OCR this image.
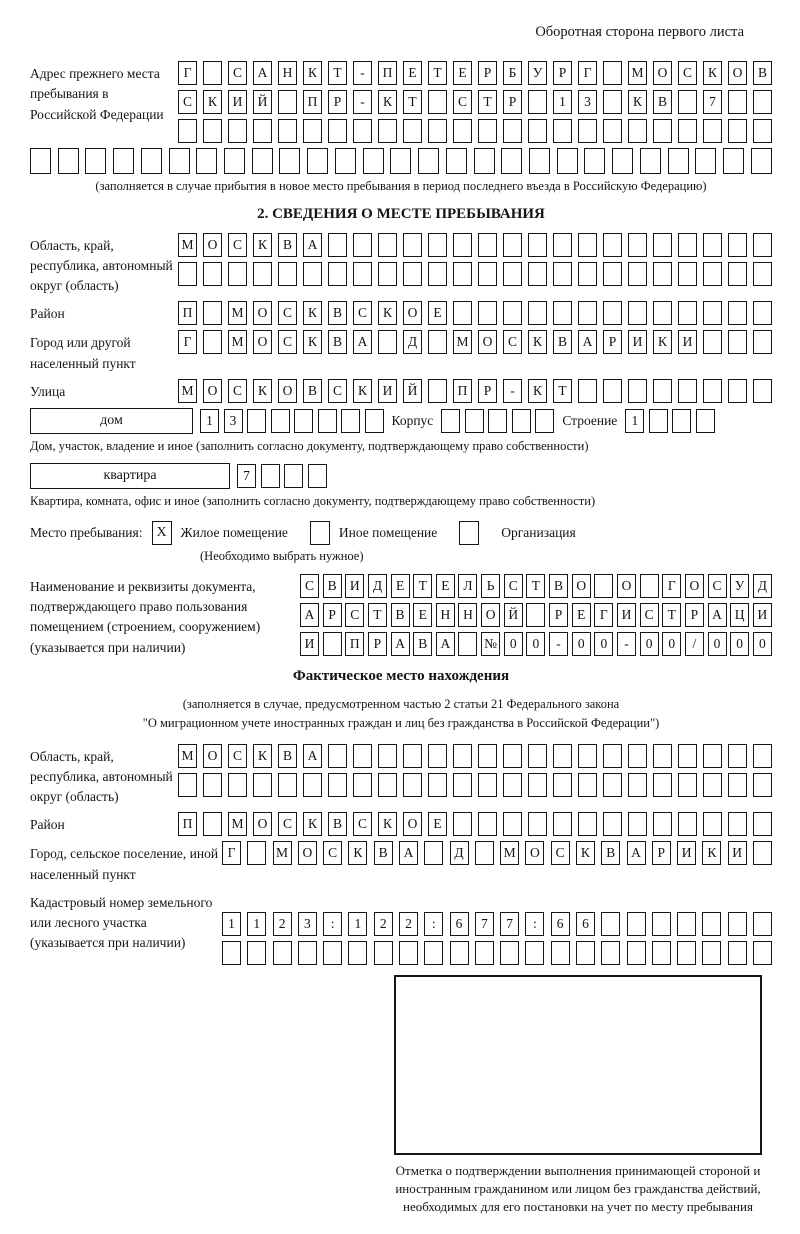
Оборотная сторона первого листа
Адрес прежнего места пребывания в Российской Федерации
Г	С	А	Н	К	Т	-	П	Е	Т	Е	Р	Б	У	Р	Г	М	О	С	К	О	В
С	К	И	Й	П	Р	-	К	Т	С	Т	Р	1	3	К	В	7
(заполняется в случае прибытия в новое место пребывания в период последнего въезда в Российскую Федерацию)
2. СВЕДЕНИЯ О МЕСТЕ ПРЕБЫВАНИЯ
Область, край, республика, автономный округ (область)
М	О	С	К	В	А
Район	П	М	О	С	К	В	С	К	О	Е
Город или другой населенный пункт
Г	М	О	С	К	В	А	Д	М	О	С	К	В	А	Р	И	К	И
Улица	М	О	С	К	О	В	С	К	И	Й	П	Р	-	К	Т
дом	1	3	Корпус	Строение	1
Дом, участок, владение и иное (заполнить согласно документу, подтверждающему право собственности)
квартира	7
Квартира, комната, офис и иное (заполнить согласно документу, подтверждающему право собственности)
Место пребывания: X	Жилое помещение	Иное помещение	Организация
(Необходимо выбрать нужное)
Наименование и реквизиты документа, подтверждающего право пользования помещением (строением, сооружением) (указывается при наличии)
С	В И Д	Е	Т	Е	Л	Ь	С	Т	В О	О	Г	О С У Д
А	Р	С	Т	В	Е	Н Н О Й	Р	Е	Г	И С	Т	Р	А Ц И
И	П	Р	А В А	№ 0	0	-	0	0	-	0	0	/	0	0	0
Фактическое место нахождения
(заполняется в случае, предусмотренном частью 2 статьи 21 Федерального закона
"О миграционном учете иностранных граждан и лиц без гражданства в Российской Федерации")
Область, край, республика, автономный округ (область)
М	О	С	К	В	А
Район	П	М	О	С	К	В	С	К	О	Е
Город, сельское поселение, иной населенный пункт
Г	М	О	С	К	В	А	Д	М	О	С	К	В	А	Р	И	К	И
Кадастровый номер земельного или лесного участка (указывается при наличии)
1	1	2	3	:	1	2	2	:	6	7	7	:	6	6
Отметка о подтверждении выполнения принимающей стороной и иностранным гражданином или лицом без гражданства действий, необходимых для его постановки на учет по месту пребывания
